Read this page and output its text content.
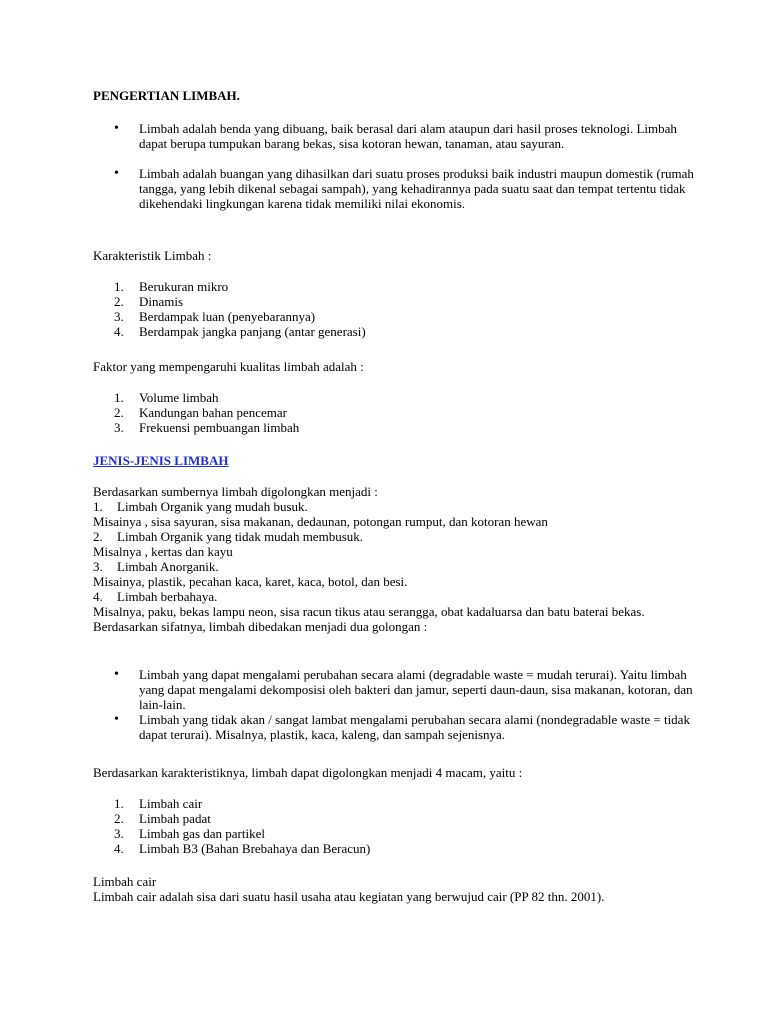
PENGERTIAN LIMBAH.

• Limbah adalah benda yang dibuang, baik berasal dari alam ataupun dari hasil proses teknologi. Limbah dapat berupa tumpukan barang bekas, sisa kotoran hewan, tanaman, atau sayuran.
• Limbah adalah buangan yang dihasilkan dari suatu proses produksi baik industri maupun domestik (rumah tangga, yang lebih dikenal sebagai sampah), yang kehadirannya pada suatu saat dan tempat tertentu tidak dikehendaki lingkungan karena tidak memiliki nilai ekonomis.

Karakteristik Limbah :

1.	Berukuran mikro
2.	Dinamis
3.	Berdampak luan (penyebarannya)
4.	Berdampak jangka panjang (antar generasi)

Faktor yang mempengaruhi kualitas limbah adalah :

1.	Volume limbah
2.	Kandungan bahan pencemar
3.	Frekuensi pembuangan limbah

JENIS-JENIS LIMBAH

Berdasarkan sumbernya limbah digolongkan menjadi :
1. Limbah Organik yang mudah busuk.
Misainya , sisa sayuran, sisa makanan, dedaunan, potongan rumput, dan kotoran hewan
2. Limbah Organik yang tidak mudah membusuk.
Misalnya , kertas dan kayu
3. Limbah Anorganik.
Misainya, plastik, pecahan kaca, karet, kaca, botol, dan besi.
4. Limbah berbahaya.
Misalnya, paku, bekas lampu neon, sisa racun tikus atau serangga, obat kadaluarsa dan batu baterai bekas.
Berdasarkan sifatnya, limbah dibedakan menjadi dua golongan :
• Limbah yang dapat mengalami perubahan secara alami (degradable waste = mudah terurai). Yaitu limbah yang dapat mengalami dekomposisi oleh bakteri dan jamur, seperti daun-daun, sisa makanan, kotoran, dan lain-lain.
• Limbah yang tidak akan / sangat lambat mengalami perubahan secara alami (nondegradable waste = tidak dapat terurai). Misalnya, plastik, kaca, kaleng, dan sampah sejenisnya.

Berdasarkan karakteristiknya, limbah dapat digolongkan menjadi 4 macam, yaitu :

1.	Limbah cair
2.	Limbah padat
3.	Limbah gas dan partikel
4.	Limbah B3 (Bahan Brebahaya dan Beracun)
Limbah cair
Limbah cair adalah sisa dari suatu hasil usaha atau kegiatan yang berwujud cair (PP 82 thn. 2001).
